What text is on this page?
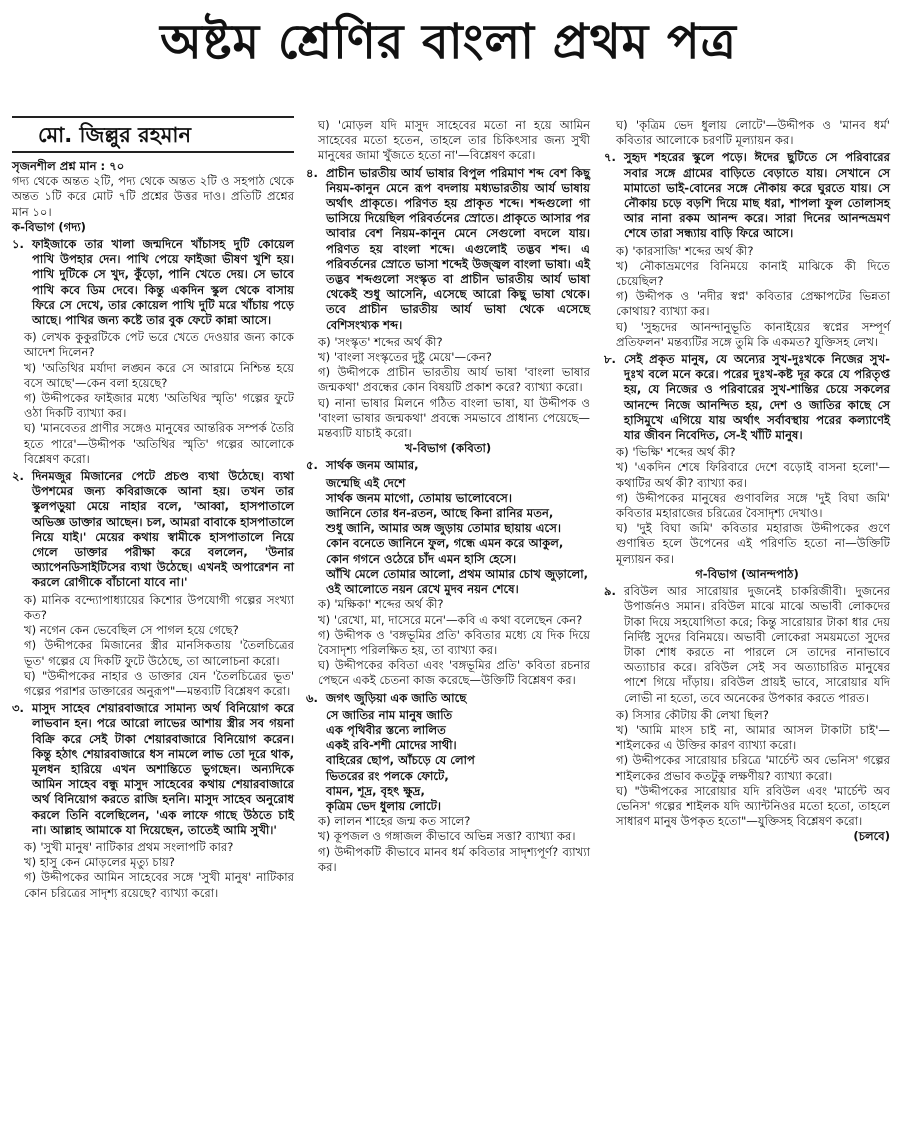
অষ্টম শ্রেণির বাংলা প্রথম পত্র
মো. জিল্লুর রহমান

সৃজনশীল প্রশ্ন মান : ৭০

গদ্য থেকে অন্তত ২টি, পদ্য থেকে অন্তত ২টি ও সহপাঠ থেকে অন্তত ১টি করে মোট ৭টি প্রশ্নের উত্তর দাও। প্রতিটি প্রশ্নের মান ১০।

ক-বিভাগ (গদ্য)

১. ফাইজাকে তার খালা জন্মদিনে খাঁচাসহ দুটি কোয়েল পাখি উপহার দেন। পাখি পেয়ে ফাইজা ভীষণ খুশি হয়। পাখি দুটিকে সে খুদ, কুঁড়ো, পানি খেতে দেয়। সে ভাবে পাখি কবে ডিম দেবে। কিন্তু একদিন স্কুল থেকে বাসায় ফিরে সে দেখে, তার কোয়েল পাখি দুটি মরে খাঁচায় পড়ে আছে। পাখির জন্য কষ্টে তার বুক ফেটে কান্না আসে।

ক) লেখক কুকুরটিকে পেট ভরে খেতে দেওয়ার জন্য কাকে আদেশ দিলেন?

খ) 'অতিথির মর্যাদা লঙ্ঘন করে সে আরামে নিশ্চিন্ত হয়ে বসে আছে'—কেন বলা হয়েছে?

গ) উদ্দীপকের ফাইজার মধ্যে 'অতিথির স্মৃতি' গল্পের ফুটে ওঠা দিকটি ব্যাখ্যা কর।

ঘ) 'মানবেতর প্রাণীর সঙ্গেও মানুষের আন্তরিক সম্পর্ক তৈরি হতে পারে'—উদ্দীপক 'অতিথির স্মৃতি' গল্পের আলোকে বিশ্লেষণ করো।

২. দিনমজুর মিজানের পেটে প্রচণ্ড ব্যথা উঠেছে। ব্যথা উপশমের জন্য কবিরাজকে আনা হয়। তখন তার স্কুলপড়ুয়া মেয়ে নাহার বলে, 'আব্বা, হাসপাতালে অভিজ্ঞ ডাক্তার আছেন। চল, আমরা বাবাকে হাসপাতালে নিয়ে যাই।' মেয়ের কথায় স্বামীকে হাসপাতালে নিয়ে গেলে ডাক্তার পরীক্ষা করে বললেন, 'উনার অ্যাপেনডিসাইটিসের ব্যথা উঠেছে। এখনই অপারেশন না করলে রোগীকে বাঁচানো যাবে না।'

ক) মানিক বন্দ্যোপাধ্যায়ের কিশোর উপযোগী গল্পের সংখ্যা কত?

খ) নগেন কেন ভেবেছিল সে পাগল হয়ে গেছে?

গ) উদ্দীপকের মিজানের স্ত্রীর মানসিকতায় 'তৈলচিত্রের ভূত' গল্পের যে দিকটি ফুটে উঠেছে, তা আলোচনা করো।

ঘ) "উদ্দীপকের নাহার ও ডাক্তার যেন 'তৈলচিত্রের ভূত' গল্পের পরাশর ডাক্তারের অনুরূপ"—মন্তব্যটি বিশ্লেষণ করো।

৩. মাসুদ সাহেব শেয়ারবাজারে সামান্য অর্থ বিনিয়োগ করে লাভবান হন। পরে আরো লাভের আশায় স্ত্রীর সব গয়না বিক্রি করে সেই টাকা শেয়ারবাজারে বিনিয়োগ করেন। কিন্তু হঠাৎ শেয়ারবাজারে ধস নামলে লাভ তো দূরে থাক, মূলধন হারিয়ে এখন অশান্তিতে ভুগছেন। অন্যদিকে আমিন সাহেব বন্ধু মাসুদ সাহেবের কথায় শেয়ারবাজারে অর্থ বিনিয়োগ করতে রাজি হননি। মাসুদ সাহেব অনুরোধ করলে তিনি বলেছিলেন, 'এক লাফে গাছে উঠতে চাই না। আল্লাহ আমাকে যা দিয়েছেন, তাতেই আমি সুখী।'

ক) 'সুখী মানুষ' নাটিকার প্রথম সংলাপটি কার?

খ) হাসু কেন মোড়লের মৃত্যু চায়?

গ) উদ্দীপকের আমিন সাহেবের সঙ্গে 'সুখী মানুষ' নাটিকার কোন চরিত্রের সাদৃশ্য রয়েছে? ব্যাখ্যা করো।

ঘ) 'মোড়ল যদি মাসুদ সাহেবের মতো না হয়ে আমিন সাহেবের মতো হতেন, তাহলে তার চিকিৎসার জন্য সুখী মানুষের জামা খুঁজতে হতো না'—বিশ্লেষণ করো।

৪. প্রাচীন ভারতীয় আর্য ভাষার বিপুল পরিমাণ শব্দ বেশ কিছু নিয়ম-কানুন মেনে রূপ বদলায় মধ্যভারতীয় আর্য ভাষায় অর্থাৎ প্রাকৃতে। পরিণত হয় প্রাকৃত শব্দে। শব্দগুলো গা ভাসিয়ে দিয়েছিল পরিবর্তনের স্রোতে। প্রাকৃতে আসার পর আবার বেশ নিয়ম-কানুন মেনে সেগুলো বদলে যায়। পরিণত হয় বাংলা শব্দে। এগুলোই তদ্ভব শব্দ। এ পরিবর্তনের স্রোতে ভাসা শব্দেই উজ্জ্বল বাংলা ভাষা। এই তদ্ভব শব্দগুলো সংস্কৃত বা প্রাচীন ভারতীয় আর্য ভাষা থেকেই শুধু আসেনি, এসেছে আরো কিছু ভাষা থেকে। তবে প্রাচীন ভারতীয় আর্য ভাষা থেকে এসেছে বেশিসংখ্যক শব্দ।

ক) 'সংস্কৃত' শব্দের অর্থ কী?

খ) 'বাংলা সংস্কৃতের দুষ্টু মেয়ে'—কেন?

গ) উদ্দীপকে প্রাচীন ভারতীয় আর্য ভাষা 'বাংলা ভাষার জন্মকথা' প্রবন্ধের কোন বিষয়টি প্রকাশ করে? ব্যাখ্যা করো।

ঘ) নানা ভাষার মিলনে গঠিত বাংলা ভাষা, যা উদ্দীপক ও 'বাংলা ভাষার জন্মকথা' প্রবন্ধে সমভাবে প্রাধান্য পেয়েছে—মন্তব্যটি যাচাই করো।

খ-বিভাগ (কবিতা)

৫. সার্থক জনম আমার,

জন্মেছি এই দেশে

সার্থক জনম মাগো, তোমায় ভালোবেসে।

জানিনে তোর ধন-রতন, আছে কিনা রানির মতন,

শুধু জানি, আমার অঙ্গ জুড়ায় তোমার ছায়ায় এসে।

কোন বনেতে জানিনে ফুল, গন্ধে এমন করে আকুল,

কোন গগনে ওঠেরে চাঁদ এমন হাসি হেসে।

আঁখি মেলে তোমার আলো, প্রথম আমার চোখ জুড়ালো,

ওই আলোতে নয়ন রেখে মুদব নয়ন শেষে।

ক) 'মক্ষিকা' শব্দের অর্থ কী?

খ) 'রেখো, মা, দাসেরে মনে'—কবি এ কথা বলেছেন কেন?

গ) উদ্দীপক ও 'বঙ্গভূমির প্রতি' কবিতার মধ্যে যে দিক দিয়ে বৈসাদৃশ্য পরিলক্ষিত হয়, তা ব্যাখ্যা কর।

ঘ) উদ্দীপকের কবিতা এবং 'বঙ্গভূমির প্রতি' কবিতা রচনার পেছনে একই চেতনা কাজ করেছে—উক্তিটি বিশ্লেষণ কর।

৬. জগৎ জুড়িয়া এক জাতি আছে

সে জাতির নাম মানুষ জাতি

এক পৃথিবীর স্তন্যে লালিত

একই রবি-শশী মোদের সাথী।

বাহিরের ছোপ, আঁচড়ে যে লোপ

ভিতরের রং পলকে ফোটে,

বামন, শূদ্র, বৃহৎ ক্ষুদ্র,

কৃত্রিম ভেদ ধুলায় লোটে।

ক) লালন শাহের জন্ম কত সালে?

খ) কূপজল ও গঙ্গাজল কীভাবে অভিন্ন সত্তা? ব্যাখ্যা কর।

গ) উদ্দীপকটি কীভাবে মানব ধর্ম কবিতার সাদৃশ্যপূর্ণ? ব্যাখ্যা কর।

ঘ) 'কৃত্রিম ভেদ ধুলায় লোটে'—উদ্দীপক ও 'মানব ধর্ম' কবিতার আলোকে চরণটি মূল্যায়ন কর।

৭. সুহৃদ শহরের স্কুলে পড়ে। ঈদের ছুটিতে সে পরিবারের সবার সঙ্গে গ্রামের বাড়িতে বেড়াতে যায়। সেখানে সে মামাতো ভাই-বোনের সঙ্গে নৌকায় করে ঘুরতে যায়। সে নৌকায় চড়ে বড়শি দিয়ে মাছ ধরা, শাপলা ফুল তোলাসহ আর নানা রকম আনন্দ করে। সারা দিনের আনন্দভ্রমণ শেষে তারা সন্ধ্যায় বাড়ি ফিরে আসে।

ক) 'কারসাজি' শব্দের অর্থ কী?

খ) নৌকাভ্রমণের বিনিময়ে কানাই মাঝিকে কী দিতে চেয়েছিল?

গ) উদ্দীপক ও 'নদীর স্বপ্ন' কবিতার প্রেক্ষাপটের ভিন্নতা কোথায়? ব্যাখ্যা কর।

ঘ) 'সুহৃদের আনন্দানুভূতি কানাইয়ের স্বপ্নের সম্পূর্ণ প্রতিফলন' মন্তব্যটির সঙ্গে তুমি কি একমত? যুক্তিসহ লেখ।

৮. সেই প্রকৃত মানুষ, যে অন্যের সুখ-দুঃখকে নিজের সুখ-দুঃখ বলে মনে করে। পরের দুঃখ-কষ্ট দূর করে যে পরিতৃপ্ত হয়, যে নিজের ও পরিবারের সুখ-শান্তির চেয়ে সকলের আনন্দে নিজে আনন্দিত হয়, দেশ ও জাতির কাছে সে হাসিমুখে এগিয়ে যায় অর্থাৎ সর্বাবস্থায় পরের কল্যাণেই যার জীবন নিবেদিত, সে-ই খাঁটি মানুষ।

ক) 'ভিক্ষি' শব্দের অর্থ কী?

খ) 'একদিন শেষে ফিরিবারে দেশে বড়োই বাসনা হলো'—কথাটির অর্থ কী? ব্যাখ্যা কর।

গ) উদ্দীপকের মানুষের গুণাবলির সঙ্গে 'দুই বিঘা জমি' কবিতার মহারাজের চরিত্রের বৈসাদৃশ্য দেখাও।

ঘ) 'দুই বিঘা জমি' কবিতার মহারাজ উদ্দীপকের গুণে গুণান্বিত হলে উপেনের এই পরিণতি হতো না—উক্তিটি মূল্যায়ন কর।

গ-বিভাগ (আনন্দপাঠ)

৯. রবিউল আর সারোয়ার দুজনেই চাকরিজীবী। দুজনের উপার্জনও সমান। রবিউল মাঝে মাঝে অভাবী লোকদের টাকা দিয়ে সহযোগিতা করে; কিন্তু সারোয়ার টাকা ধার দেয় নির্দিষ্ট সুদের বিনিময়ে। অভাবী লোকেরা সময়মতো সুদের টাকা শোধ করতে না পারলে সে তাদের নানাভাবে অত্যাচার করে। রবিউল সেই সব অত্যাচারিত মানুষের পাশে গিয়ে দাঁড়ায়। রবিউল প্রায়ই ভাবে, সারোয়ার যদি লোভী না হতো, তবে অনেকের উপকার করতে পারত।

ক) সিসার কৌটায় কী লেখা ছিল?

খ) 'আমি মাংস চাই না, আমার আসল টাকাটা চাই'—শাইলকের এ উক্তির কারণ ব্যাখ্যা করো।

গ) উদ্দীপকের সারোয়ার চরিত্রে 'মার্চেন্ট অব ভেনিস' গল্পের শাইলকের প্রভাব কতটুকু লক্ষণীয়? ব্যাখ্যা করো।

ঘ) "উদ্দীপকের সারোয়ার যদি রবিউল এবং 'মার্চেন্ট অব ভেনিস' গল্পের শাইলক যদি অ্যান্টনিওর মতো হতো, তাহলে সাধারণ মানুষ উপকৃত হতো"—যুক্তিসহ বিশ্লেষণ করো।

(চলবে)
